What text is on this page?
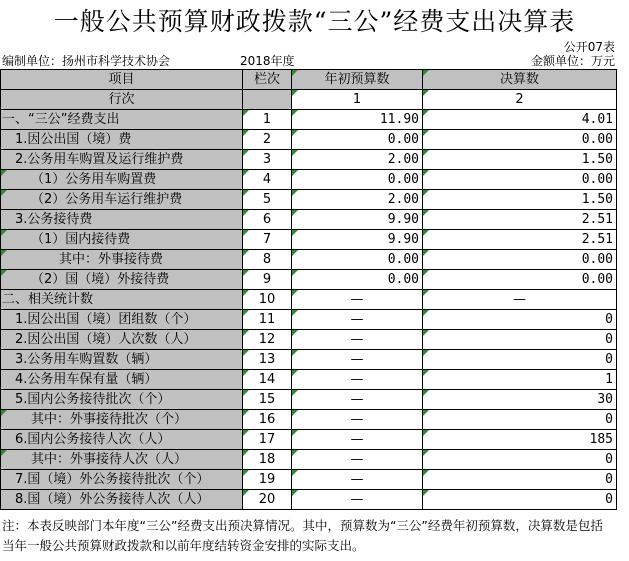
一般公共预算财政拨款“三公”经费支出决算表
公开07表
编制单位：扬州市科学技术协会	2018年度	金额单位：万元
项目	栏次	年初预算数	决算数
行次		1	2
一、“三公”经费支出	1	11.90	4.01
1.因公出国（境）费	2	0.00	0.00
2.公务用车购置及运行维护费	3	2.00	1.50
（1）公务用车购置费	4	0.00	0.00
（2）公务用车运行维护费	5	2.00	1.50
3.公务接待费	6	9.90	2.51
（1）国内接待费	7	9.90	2.51
其中：外事接待费	8	0.00	0.00
（2）国（境）外接待费	9	0.00	0.00
二、相关统计数	10	—	—
1.因公出国（境）团组数（个）	11	—	0
2.因公出国（境）人次数（人）	12	—	0
3.公务用车购置数（辆）	13	—	0
4.公务用车保有量（辆）	14	—	1
5.国内公务接待批次（个）	15	—	30
其中：外事接待批次（个）	16	—	0
6.国内公务接待人次（人）	17	—	185
其中：外事接待人次（人）	18	—	0
7.国（境）外公务接待批次（个）	19	—	0
8.国（境）外公务接待人次（人）	20	—	0
注：本表反映部门本年度“三公”经费支出预决算情况。其中，预算数为“三公”经费年初预算数，决算数是包括当年一般公共预算财政拨款和以前年度结转资金安排的实际支出。
